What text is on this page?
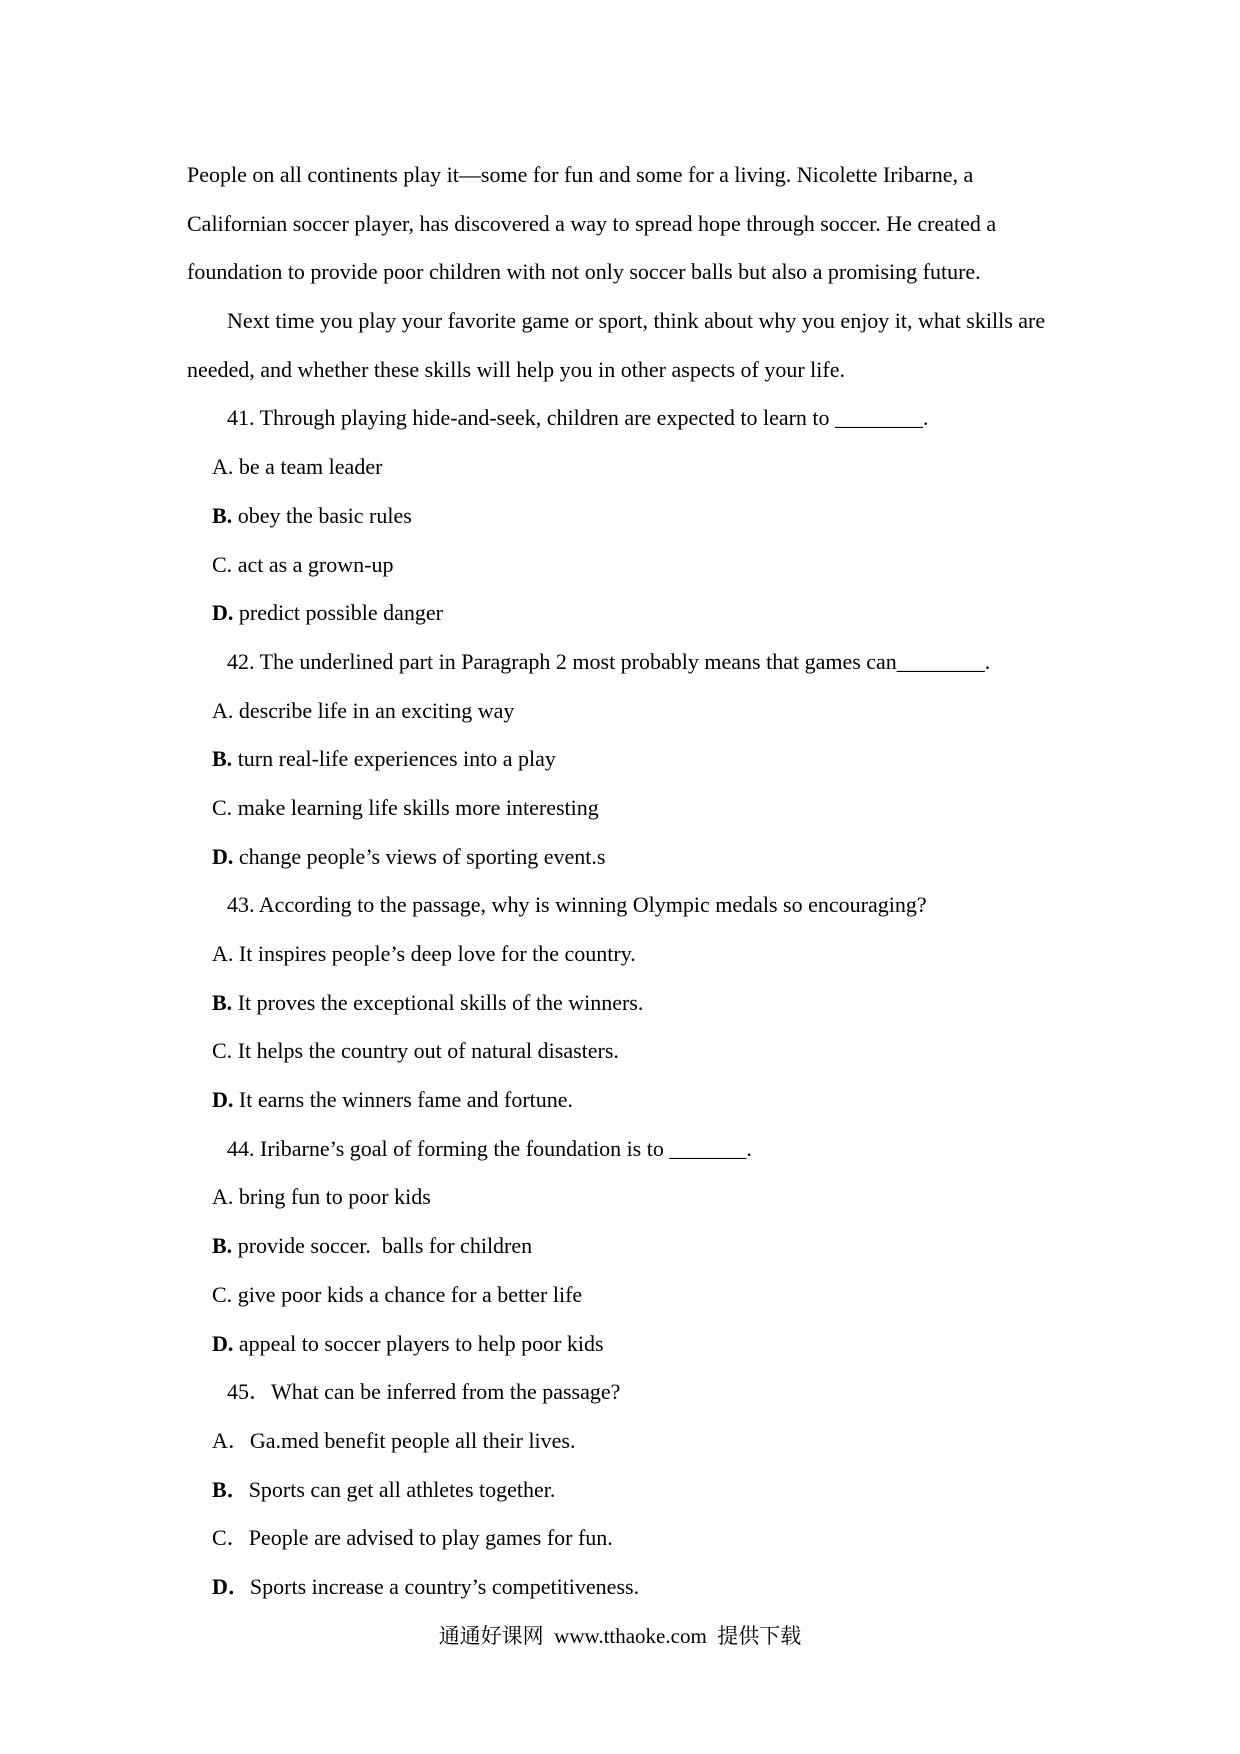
People on all continents play it—some for fun and some for a living. Nicolette Iribarne, a
Californian soccer player, has discovered a way to spread hope through soccer. He created a
foundation to provide poor children with not only soccer balls but also a promising future.
Next time you play your favorite game or sport, think about why you enjoy it, what skills are
needed, and whether these skills will help you in other aspects of your life.
41. Through playing hide-and-seek, children are expected to learn to ________.
A. be a team leader
B. obey the basic rules
C. act as a grown-up
D. predict possible danger
42. The underlined part in Paragraph 2 most probably means that games can________.
A. describe life in an exciting way
B. turn real-life experiences into a play
C. make learning life skills more interesting
D. change people’s views of sporting event.s
43. According to the passage, why is winning Olympic medals so encouraging?
A. It inspires people’s deep love for the country.
B. It proves the exceptional skills of the winners.
C. It helps the country out of natural disasters.
D. It earns the winners fame and fortune.
44. Iribarne’s goal of forming the foundation is to _______.
A. bring fun to poor kids
B. provide soccer.  balls for children
C. give poor kids a chance for a better life
D. appeal to soccer players to help poor kids
45．What can be inferred from the passage?
A．Ga.med benefit people all their lives.
B．Sports can get all athletes together.
C．People are advised to play games for fun.
D．Sports increase a country’s competitiveness.
通通好课网  www.tthaoke.com  提供下载
